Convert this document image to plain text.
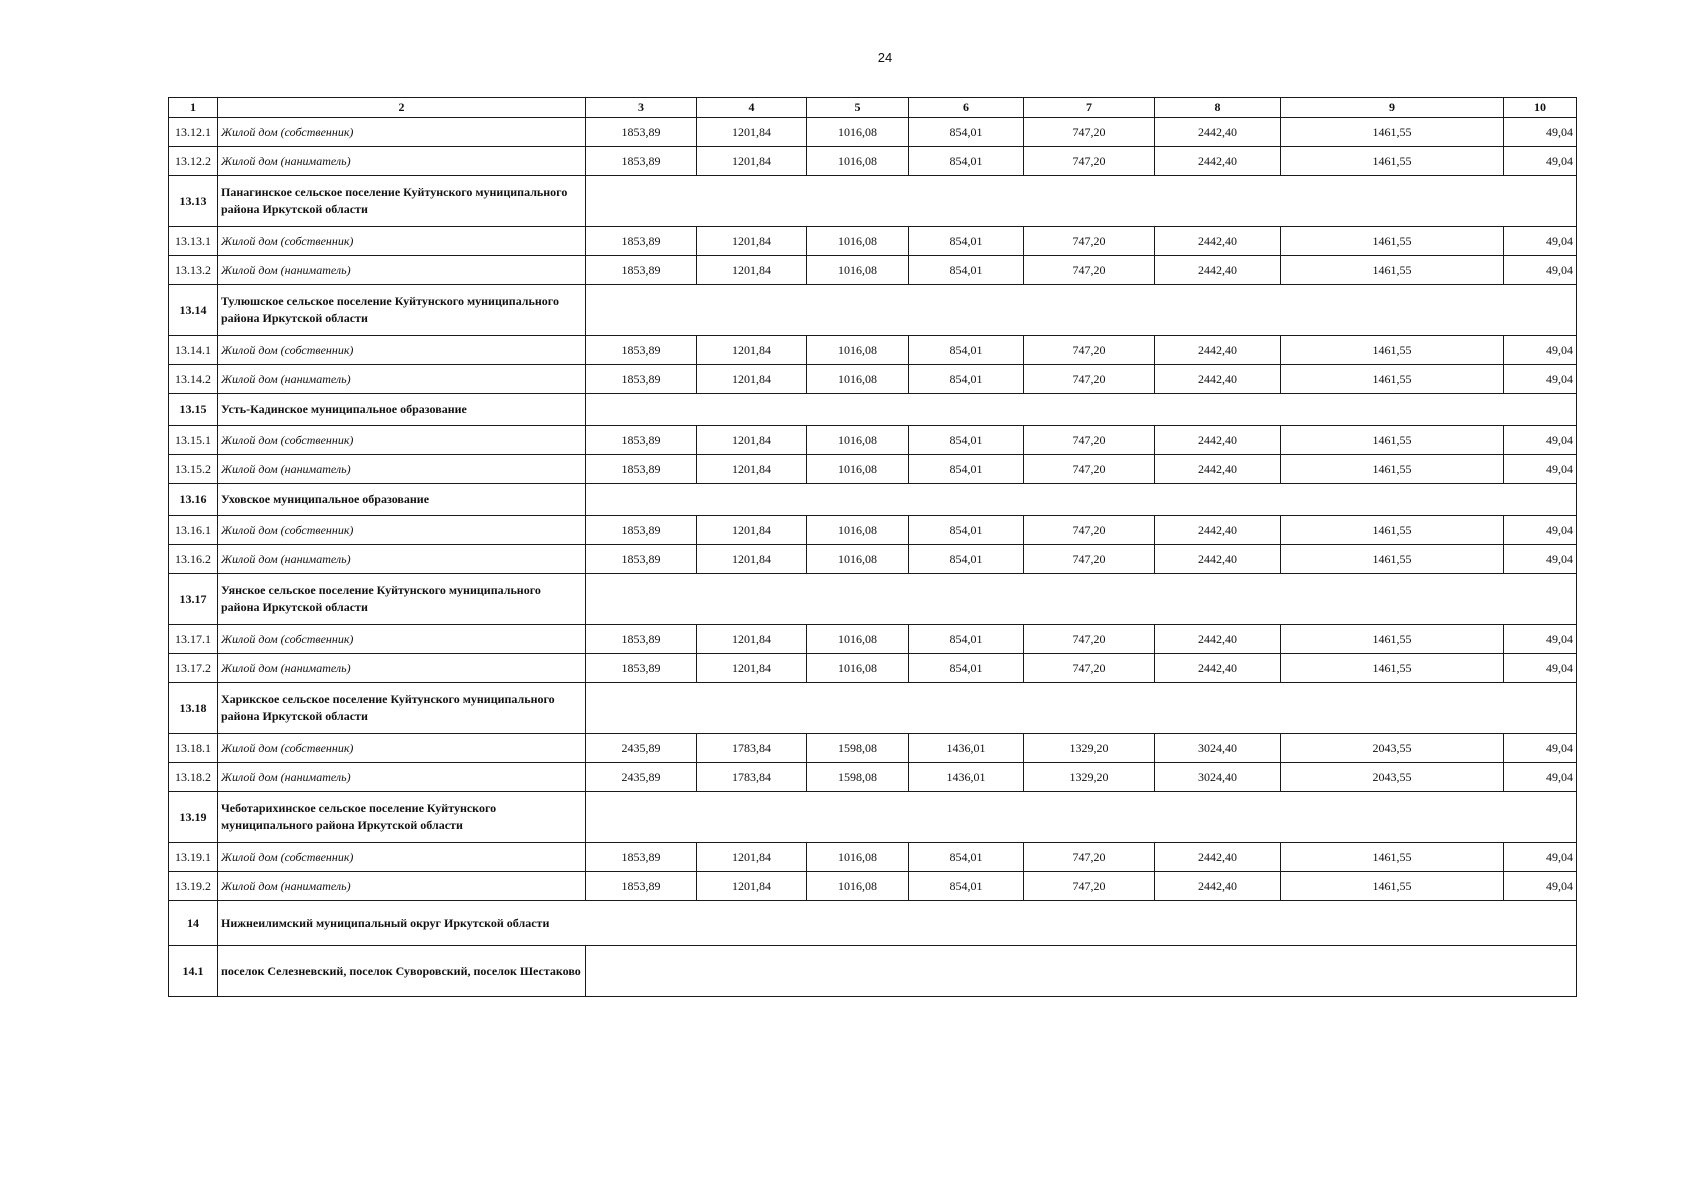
24
1	2	3	4	5	6	7	8	9	10
13.12.1	Жилой дом (собственник)	1853,89	1201,84	1016,08	854,01	747,20	2442,40	1461,55	49,04
13.12.2	Жилой дом (наниматель)	1853,89	1201,84	1016,08	854,01	747,20	2442,40	1461,55	49,04
13.13	Панагинское сельское поселение Куйтунского муниципального района Иркутской области								
13.13.1	Жилой дом (собственник)	1853,89	1201,84	1016,08	854,01	747,20	2442,40	1461,55	49,04
13.13.2	Жилой дом (наниматель)	1853,89	1201,84	1016,08	854,01	747,20	2442,40	1461,55	49,04
13.14	Тулюшское сельское поселение Куйтунского муниципального района Иркутской области								
13.14.1	Жилой дом (собственник)	1853,89	1201,84	1016,08	854,01	747,20	2442,40	1461,55	49,04
13.14.2	Жилой дом (наниматель)	1853,89	1201,84	1016,08	854,01	747,20	2442,40	1461,55	49,04
13.15	Усть-Кадинское муниципальное образование								
13.15.1	Жилой дом (собственник)	1853,89	1201,84	1016,08	854,01	747,20	2442,40	1461,55	49,04
13.15.2	Жилой дом (наниматель)	1853,89	1201,84	1016,08	854,01	747,20	2442,40	1461,55	49,04
13.16	Уховское муниципальное образование								
13.16.1	Жилой дом (собственник)	1853,89	1201,84	1016,08	854,01	747,20	2442,40	1461,55	49,04
13.16.2	Жилой дом (наниматель)	1853,89	1201,84	1016,08	854,01	747,20	2442,40	1461,55	49,04
13.17	Уянское сельское поселение Куйтунского муниципального района Иркутской области								
13.17.1	Жилой дом (собственник)	1853,89	1201,84	1016,08	854,01	747,20	2442,40	1461,55	49,04
13.17.2	Жилой дом (наниматель)	1853,89	1201,84	1016,08	854,01	747,20	2442,40	1461,55	49,04
13.18	Харикское сельское поселение Куйтунского муниципального района Иркутской области								
13.18.1	Жилой дом (собственник)	2435,89	1783,84	1598,08	1436,01	1329,20	3024,40	2043,55	49,04
13.18.2	Жилой дом (наниматель)	2435,89	1783,84	1598,08	1436,01	1329,20	3024,40	2043,55	49,04
13.19	Чеботарихинское сельское поселение Куйтунского муниципального района Иркутской области								
13.19.1	Жилой дом (собственник)	1853,89	1201,84	1016,08	854,01	747,20	2442,40	1461,55	49,04
13.19.2	Жилой дом (наниматель)	1853,89	1201,84	1016,08	854,01	747,20	2442,40	1461,55	49,04
14	Нижнеилимский муниципальный округ Иркутской области								
14.1	поселок Селезневский, поселок Суворовский, поселок Шестаково								
